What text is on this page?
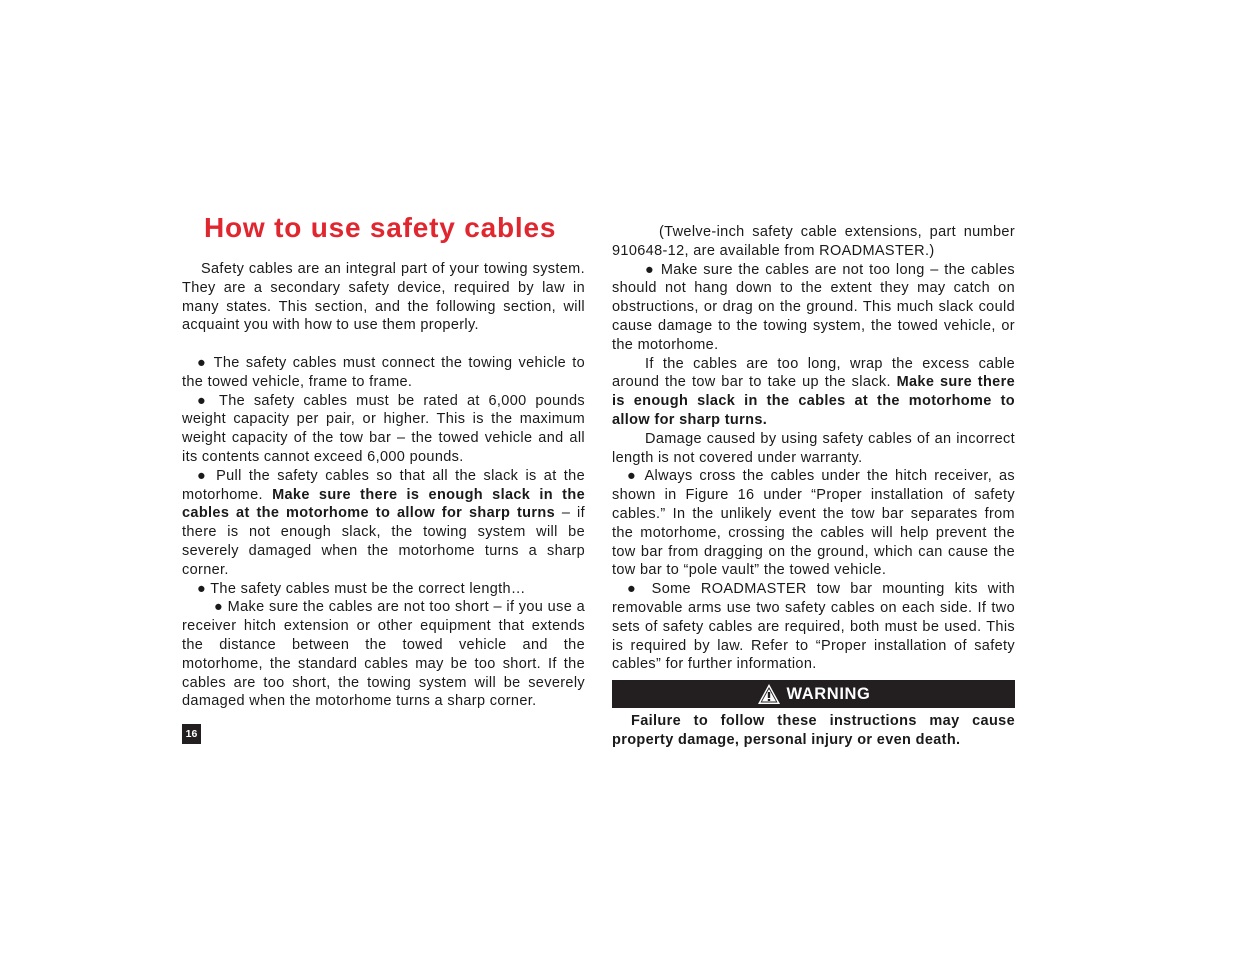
How to use safety cables

Safety cables are an integral part of your towing system. They are a secondary safety device, required by law in many states. This section, and the following section, will acquaint you with how to use them properly.

● The safety cables must connect the towing vehicle to the towed vehicle, frame to frame.

● The safety cables must be rated at 6,000 pounds weight capacity per pair, or higher. This is the maximum weight capacity of the tow bar – the towed vehicle and all its contents cannot exceed 6,000 pounds.

● Pull the safety cables so that all the slack is at the motorhome. Make sure there is enough slack in the cables at the motorhome to allow for sharp turns – if there is not enough slack, the towing system will be severely damaged when the motorhome turns a sharp corner.

● The safety cables must be the correct length…

● Make sure the cables are not too short – if you use a receiver hitch extension or other equipment that extends the distance between the towed vehicle and the motorhome, the standard cables may be too short. If the cables are too short, the towing system will be severely damaged when the motorhome turns a sharp corner.

16

(Twelve-inch safety cable extensions, part number 910648-12, are available from ROADMASTER.)

● Make sure the cables are not too long – the cables should not hang down to the extent they may catch on obstructions, or drag on the ground. This much slack could cause damage to the towing system, the towed vehicle, or the motorhome.

If the cables are too long, wrap the excess cable around the tow bar to take up the slack. Make sure there is enough slack in the cables at the motorhome to allow for sharp turns.

Damage caused by using safety cables of an incorrect length is not covered under warranty.

● Always cross the cables under the hitch receiver, as shown in Figure 16 under “Proper installation of safety cables.” In the unlikely event the tow bar separates from the motorhome, crossing the cables will help prevent the tow bar from dragging on the ground, which can cause the tow bar to “pole vault” the towed vehicle.

● Some ROADMASTER tow bar mounting kits with removable arms use two safety cables on each side. If two sets of safety cables are required, both must be used. This is required by law. Refer to “Proper installation of safety cables” for further information.

WARNING

Failure to follow these instructions may cause property damage, personal injury or even death.
